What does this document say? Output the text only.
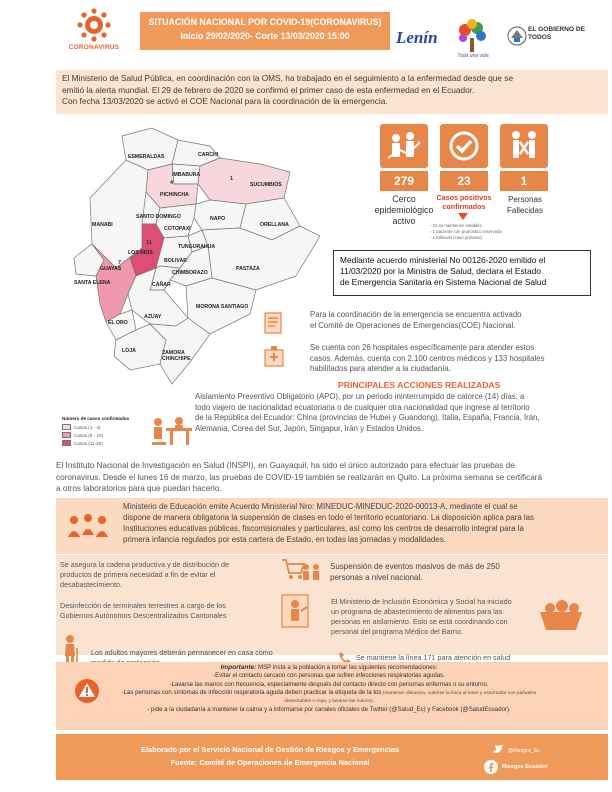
CORONAVIRUS
SITUACIÓN NACIONAL POR COVID-19(CORONAVIRUS)
Inicio 29/02/2020- Corte 13/03/2020 15:00	Lenín
Toda una vida
EL GOBIERNO DE TODOS

El Ministerio de Salud Pública, en coordinación con la OMS, ha trabajado en el seguimiento a la enfermedad desde que se

emitió la alerta mundial. El 29 de febrero de 2020 se confirmó el primer caso de esta enfermedad en el Ecuador.

Con fecha 13/03/2020 se activó el COE Nacional para la coordinación de la emergencia.

ESMERALDAS	CARCHI
IMBABURA
PICHINCHA
SUCUMBIOS
SANTO DOMINGO	NAPO
ORELLANA
MANABI
COTOPAXI
LOS RIOS
TUNGURAHUA
BOLIVAR
PASTAZA
SANTA ELENA
GUAYAS
CHIMBORAZO
CAÑAR
MORONA SANTIAGO
AZUAY
EL ORO
LOJA	ZAMORA CHINCHIPE
4
1
11
7
Número de casos confirmados
Casos (1 - 4)
Casos (5 - 10)
Casos (11-20)
279
Cerco epidemiológico activo
23
Casos positivos confirmados
- 21 se mantienen estables
- 1 paciente con pronóstico reservado
- 1 fallecido (caso primario)
1
Personas Fallecidas

Mediante acuerdo ministerial No 00126-2020 emitido el

11/03/2020 por la Ministra de Salud, declara el Estado

de Emergencia Sanitaria en Sistema Nacional de Salud

Para la coordinación de la emergencia se encuentra activado
el Comité de Operaciones de Emergencias(COE) Nacional.
Se cuenta con 26 hospitales específicamente para atender estos
casos. Además, cuenta con 2.100 centros médicos y 133 hospitales
habilitados para atender a la ciudadanía.
PRINCIPALES ACCIONES REALIZADAS
Aislamiento Preventivo Obligatorio (APO), por un periodo ininterrumpido de catorce (14) días, a
todo viajero de nacionalidad ecuatoriana o de cualquier otra nacionalidad que ingrese al territorio
de la República del Ecuador: China (provincias de Hubei y Guandong), Italia, España, Francia, Irán,
Alemania, Corea del Sur, Japón, Singapur, Irán y Estados Unidos.

El Instituto Nacional de Investigación en Salud (INSPI), en Guayaquil, ha sido el único autorizado para efectuar las pruebas de

coronavirus. Desde el lunes 16 de marzo, las pruebas de COVID-19 también se realizarán en Quito. La próxima semana se certificará

a otros laboratorios para que puedan hacerlo.

Ministerio de Educación emite Acuerdo Ministerial Nro: MINEDUC-MINEDUC-2020-00013-A, mediante el cual se

dispone de manera obligatoria la suspensión de clases en todo el territorio ecuatoriano. La disposición aplica para las

Instituciones educativas públicas, fiscomisionales y particulares, así como los centros de desarrollo integral para la

primera infancia regulados por esta cartera de Estado, en todas las jornadas y modalidades.

Se asegura la cadena productiva y de distribución de
productos de primera necesidad a fin de evitar el
desabastecimiento.
Suspensión de eventos masivos de más de 250
personas a nivel nacional.
Desinfección de terminales terrestres a cargo de los
Gobiernos Autónomos Descentralizados Cantonales
El Ministerio de Inclusión Económica y Social ha iniciado
un programa de abastecimiento de alimentos para las
personas en aislamiento. Esto se está coordinando con
personal del programa Médico del Barrio.
Los adultos mayores deberán permanecer en casa como
Se mantiene la línea 171 para atención en salud
Importante: MSP insta a la población a tomar las siguientes recomendaciones:
-Evitar el contacto cercano con personas que sufren infecciones respiratorias agudas.
-Lavarse las manos con frecuencia, especialmente después del contacto directo con personas enfermas o su entorno.
-Las personas con síntomas de infección respiratoria aguda deben practicar la etiqueta de la tos (mantener distancia, cubrirse la boca al toser y estornudar con pañuelos
desechables o ropa, y lavarse las manos).
- pide a la ciudadanía a mantener la calma y a informarse por canales oficiales de Twitter (@Salud_Ec) y Facebook (@SaludEcuador).
Elaborado por el Servicio Nacional de Gestión de Riesgos y Emergencias
Fuente: Comité de Operaciones de Emergencia Nacional
@Riesgos_Ec
Riesgos Ecuador
